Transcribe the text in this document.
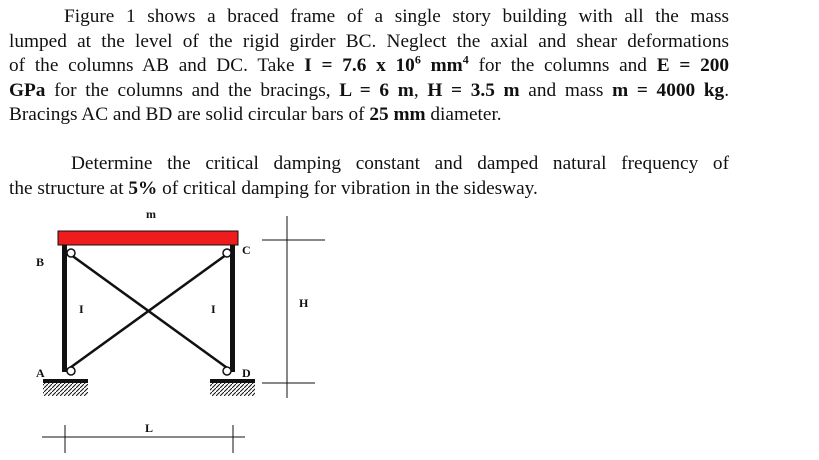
Figure 1 shows a braced frame of a single story building with all the mass
lumped at the level of the rigid girder BC. Neglect the axial and shear deformations
of the columns AB and DC. Take I = 7.6 x $10^6$ $mm^4$ for the columns and E = 200
GPa for the columns and the bracings, L = 6 m, H = 3.5 m and mass m = 4000 kg.
Bracings AC and BD are solid circular bars of 25 mm diameter.
Determine the critical damping constant and damped natural frequency of
the structure at 5% of critical damping for vibration in the sidesway.
m
B
C
A	D
I	I	H
L
